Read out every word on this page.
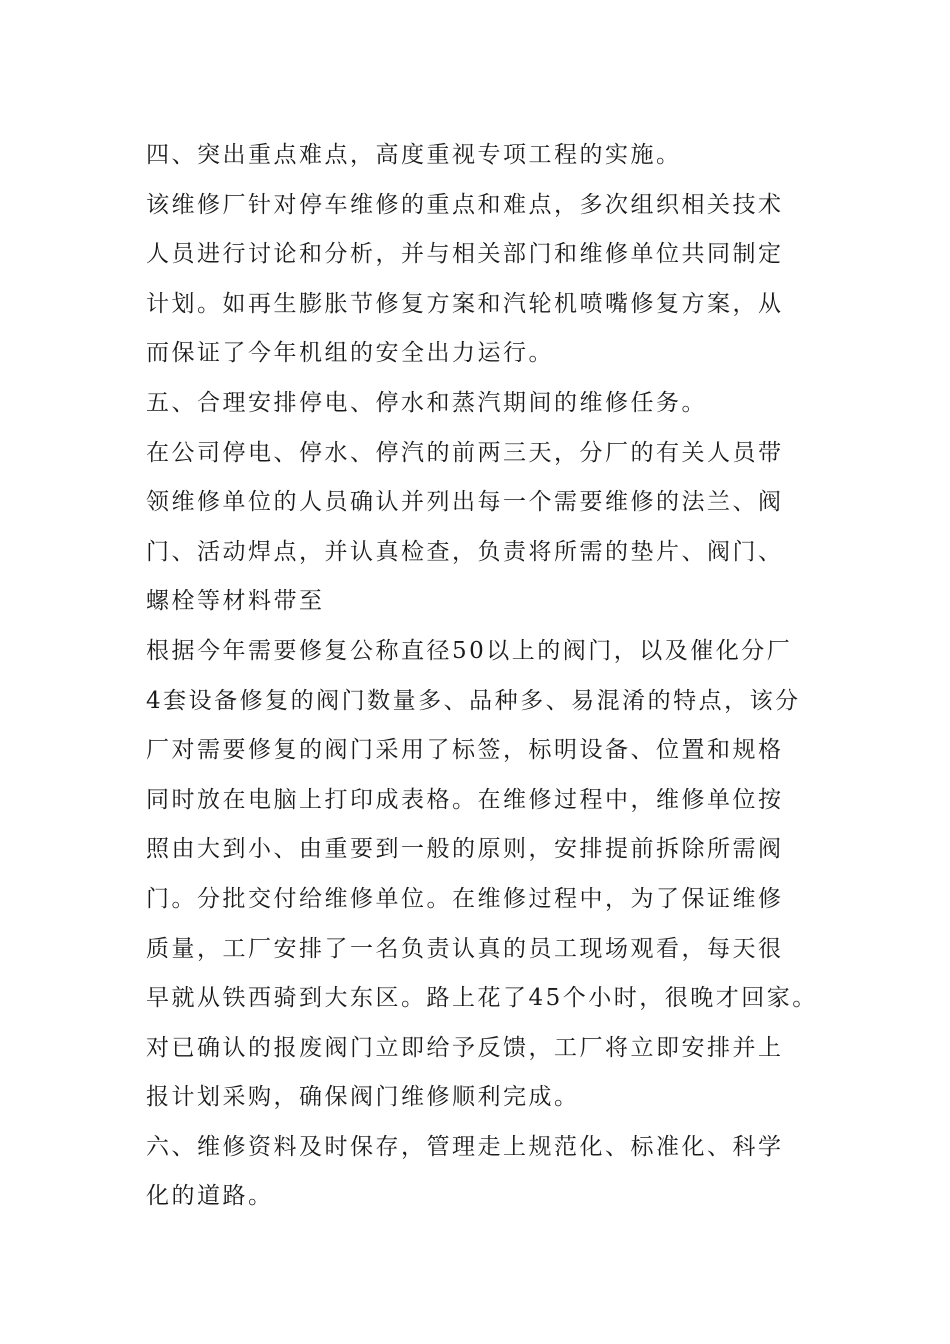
四、突出重点难点，高度重视专项工程的实施。
该维修厂针对停车维修的重点和难点，多次组织相关技术
人员进行讨论和分析，并与相关部门和维修单位共同制定
计划。如再生膨胀节修复方案和汽轮机喷嘴修复方案，从
而保证了今年机组的安全出力运行。
五、合理安排停电、停水和蒸汽期间的维修任务。
在公司停电、停水、停汽的前两三天，分厂的有关人员带
领维修单位的人员确认并列出每一个需要维修的法兰、阀
门、活动焊点，并认真检查，负责将所需的垫片、阀门、
螺栓等材料带至
根据今年需要修复公称直径50以上的阀门，以及催化分厂
4套设备修复的阀门数量多、品种多、易混淆的特点，该分
厂对需要修复的阀门采用了标签，标明设备、位置和规格
同时放在电脑上打印成表格。在维修过程中，维修单位按
照由大到小、由重要到一般的原则，安排提前拆除所需阀
门。分批交付给维修单位。在维修过程中，为了保证维修
质量，工厂安排了一名负责认真的员工现场观看，每天很
早就从铁西骑到大东区。路上花了45个小时，很晚才回家。
对已确认的报废阀门立即给予反馈，工厂将立即安排并上
报计划采购，确保阀门维修顺利完成。
六、维修资料及时保存，管理走上规范化、标准化、科学
化的道路。
